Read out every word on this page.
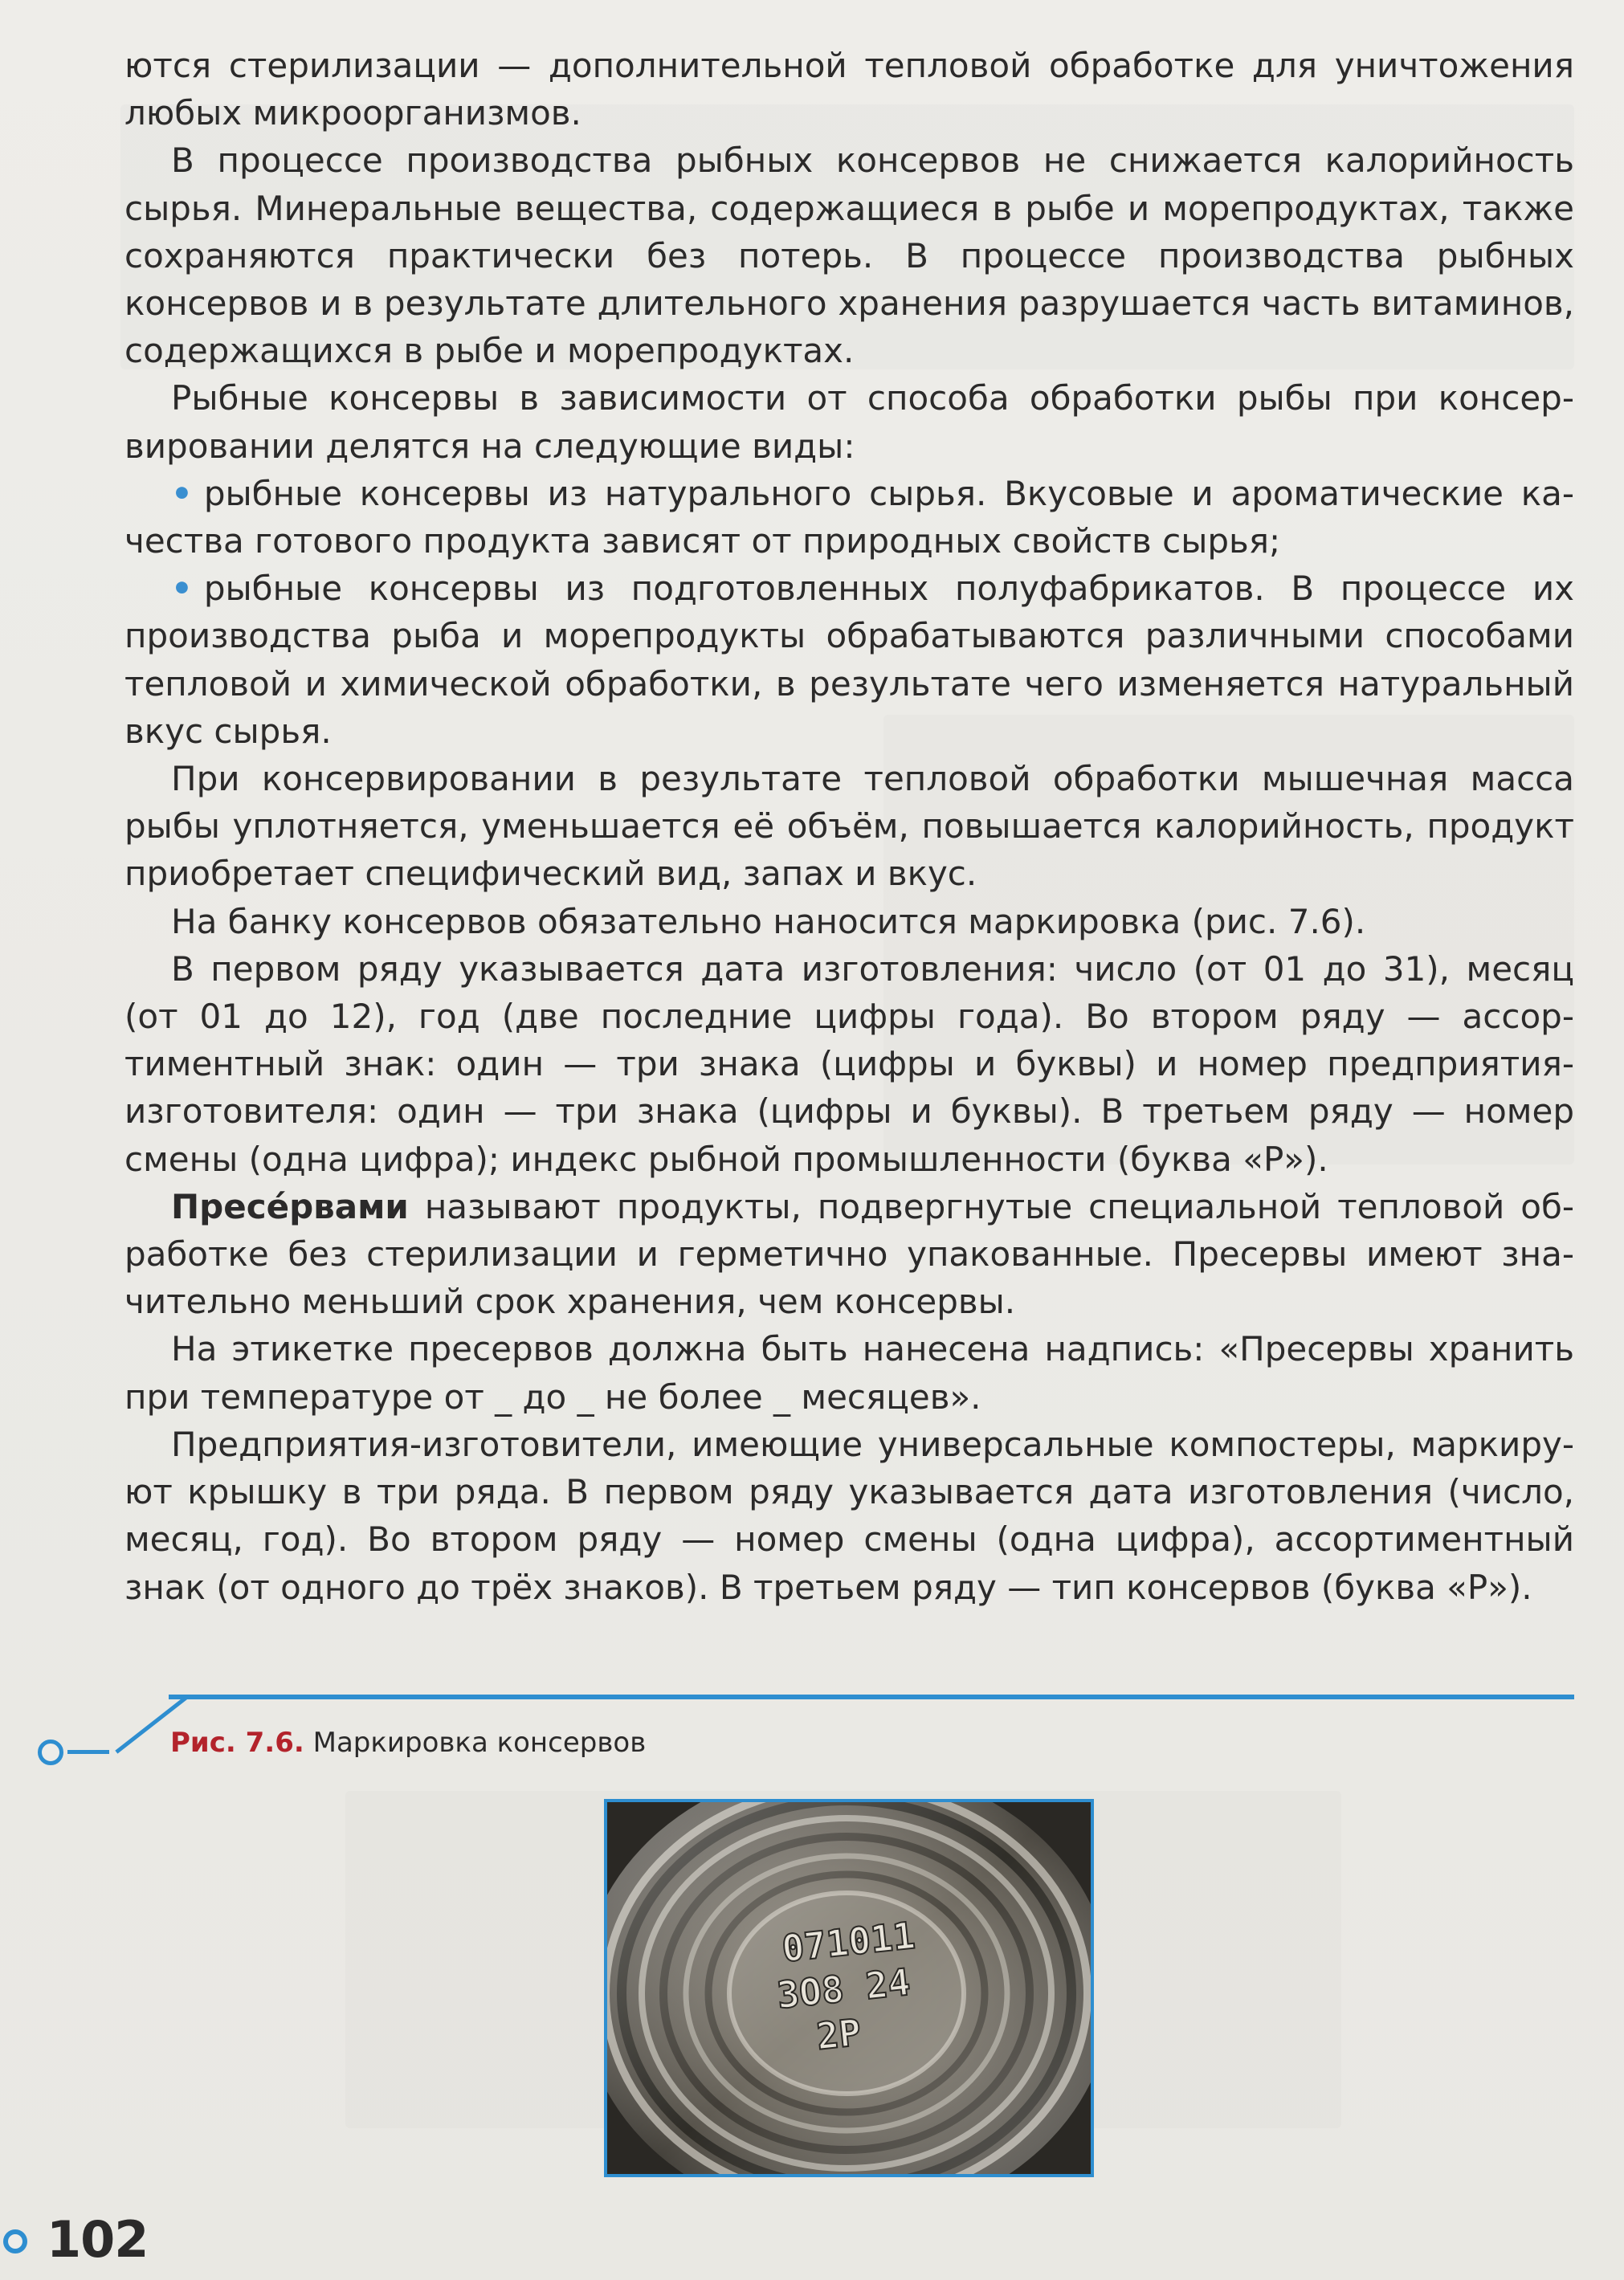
ются стерилизации — дополнительной тепловой обработке для уничтожения любых микроорганизмов.

В процессе производства рыбных консервов не снижается калорийность сырья. Минеральные вещества, содержащиеся в рыбе и морепродуктах, также сохраняются практически без потерь. В процессе производства рыбных консервов и в результате длительного хранения разрушается часть витаминов, содержащихся в рыбе и морепродуктах.

Рыбные консервы в зависимости от способа обработки рыбы при консервировании делятся на следующие виды:

• рыбные консервы из натурального сырья. Вкусовые и ароматические качества готового продукта зависят от природных свойств сырья;

• рыбные консервы из подготовленных полуфабрикатов. В процессе их производства рыба и морепродукты обрабатываются различными способами тепловой и химической обработки, в результате чего изменяется натуральный вкус сырья.

При консервировании в результате тепловой обработки мышечная масса рыбы уплотняется, уменьшается её объём, повышается калорийность, продукт приобретает специфический вид, запах и вкус.

На банку консервов обязательно наносится маркировка (рис. 7.6).

В первом ряду указывается дата изготовления: число (от 01 до 31), месяц (от 01 до 12), год (две последние цифры года). Во втором ряду — ассортиментный знак: один — три знака (цифры и буквы) и номер предприятия-изготовителя: один — три знака (цифры и буквы). В третьем ряду — номер смены (одна цифра); индекс рыбной промышленности (буква «Р»).

Пресе́рвами называют продукты, подвергнутые специальной тепловой обработке без стерилизации и герметично упакованные. Пресервы имеют значительно меньший срок хранения, чем консервы.

На этикетке пресервов должна быть нанесена надпись: «Пресервы хранить при температуре от _ до _ не более _ месяцев».

Предприятия-изготовители, имеющие универсальные компостеры, маркируют крышку в три ряда. В первом ряду указывается дата изготовления (число, месяц, год). Во втором ряду — номер смены (одна цифра), ассортиментный знак (от одного до трёх знаков). В третьем ряду — тип консервов (буква «Р»).

Рис. 7.6. Маркировка консервов
071011
3О8 24
2Р
102
